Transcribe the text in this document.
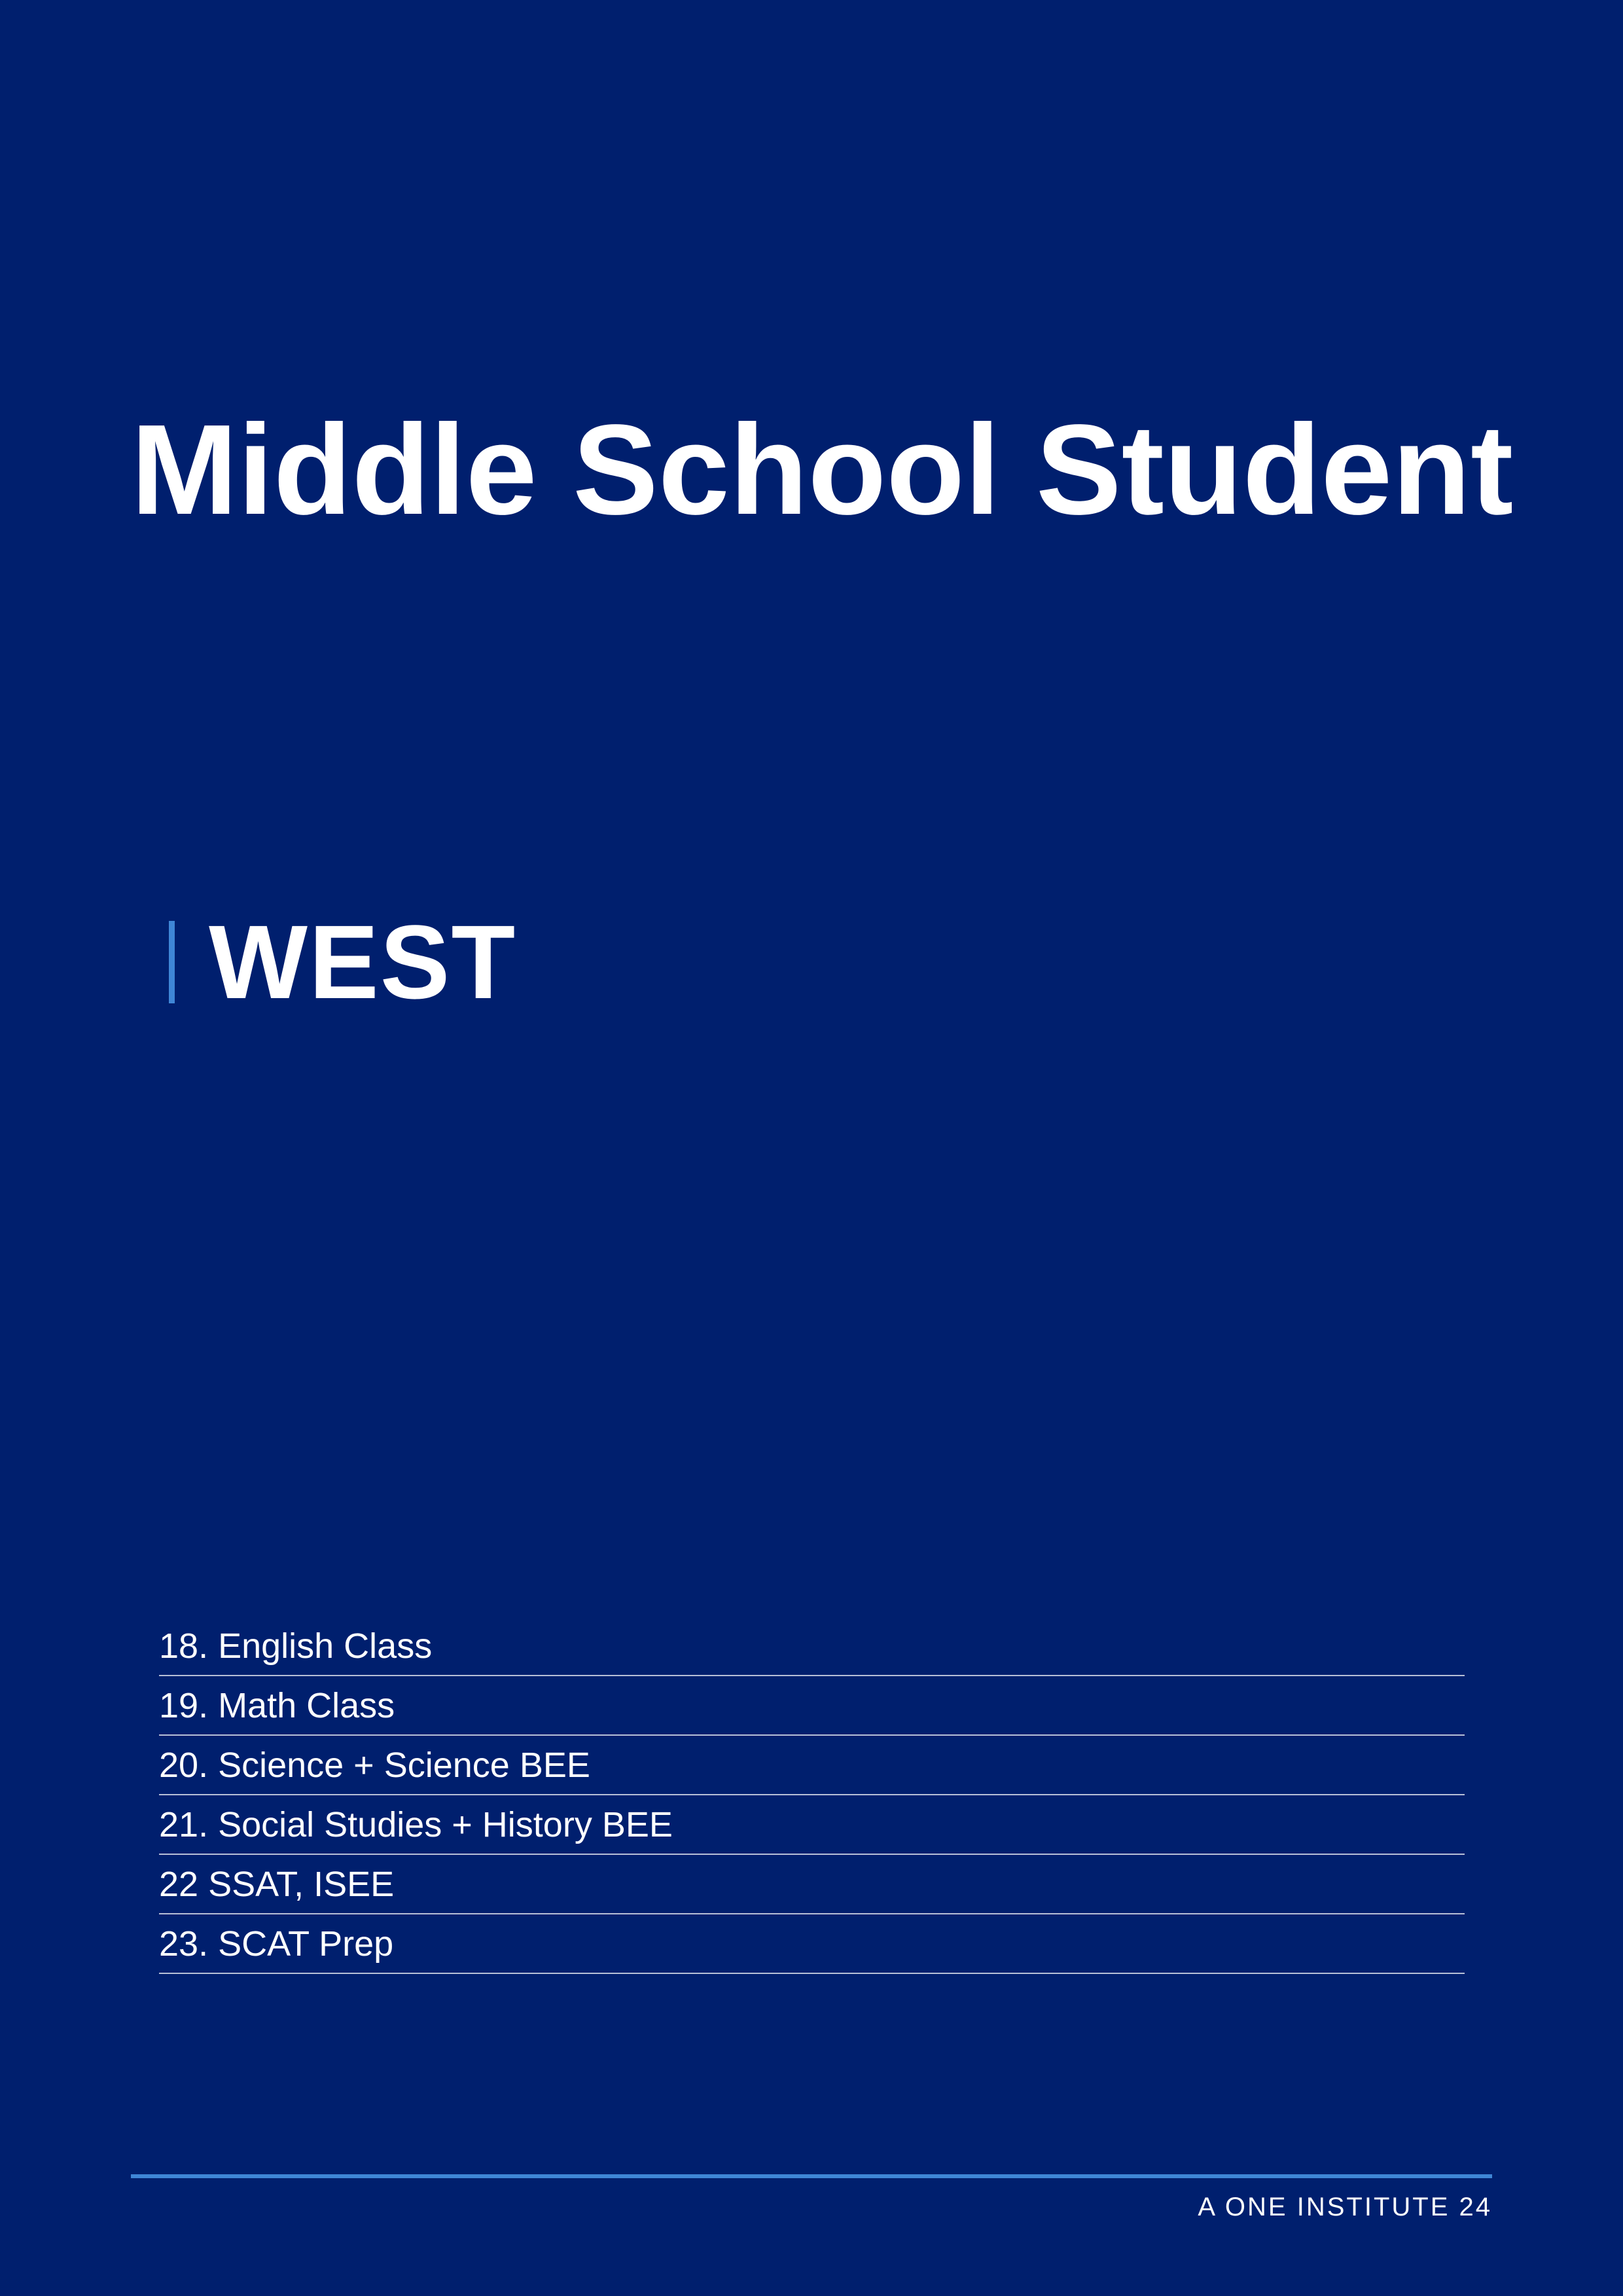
Middle School Student
WEST
18. English Class
19. Math Class
20. Science + Science BEE
21. Social Studies + History BEE
22 SSAT, ISEE
23. SCAT Prep
A ONE INSTITUTE 24
